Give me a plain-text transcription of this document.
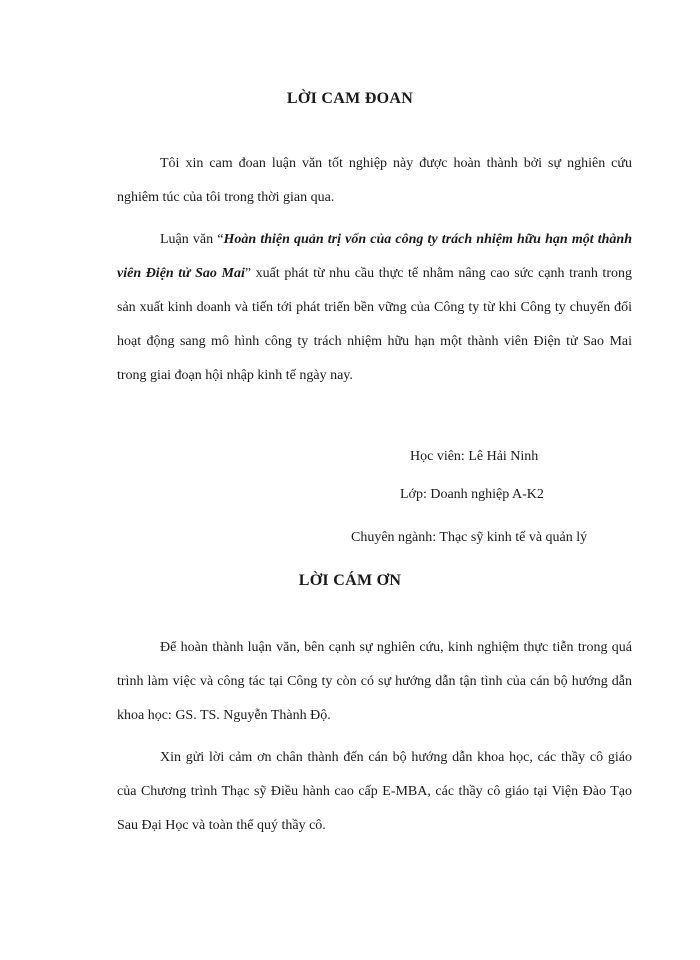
LỜI CAM ĐOAN

Tôi xin cam đoan luận văn tốt nghiệp này được hoàn thành bởi sự nghiên cứu nghiêm túc của tôi trong thời gian qua.

Luận văn “Hoàn thiện quản trị vốn của công ty trách nhiệm hữu hạn một thành viên Điện tử Sao Mai” xuất phát từ nhu cầu thực tế nhằm nâng cao sức cạnh tranh trong sản xuất kinh doanh và tiến tới phát triển bền vững của Công ty từ khi Công ty chuyển đổi hoạt động sang mô hình công ty trách nhiệm hữu hạn một thành viên Điện tử Sao Mai trong giai đoạn hội nhập kinh tế ngày nay.

Học viên: Lê Hải Ninh

Lớp: Doanh nghiệp A-K2

Chuyên ngành: Thạc sỹ kinh tế và quản lý

LỜI CÁM ƠN

Để hoàn thành luận văn, bên cạnh sự nghiên cứu, kinh nghiệm thực tiễn trong quá trình làm việc và công tác tại Công ty còn có sự hướng dẫn tận tình của cán bộ hướng dẫn khoa học: GS. TS. Nguyễn Thành Độ.

Xin gửi lời cảm ơn chân thành đến cán bộ hướng dẫn khoa học, các thầy cô giáo của Chương trình Thạc sỹ Điều hành cao cấp E-MBA, các thầy cô giáo tại Viện Đào Tạo Sau Đại Học và toàn thể quý thầy cô.
